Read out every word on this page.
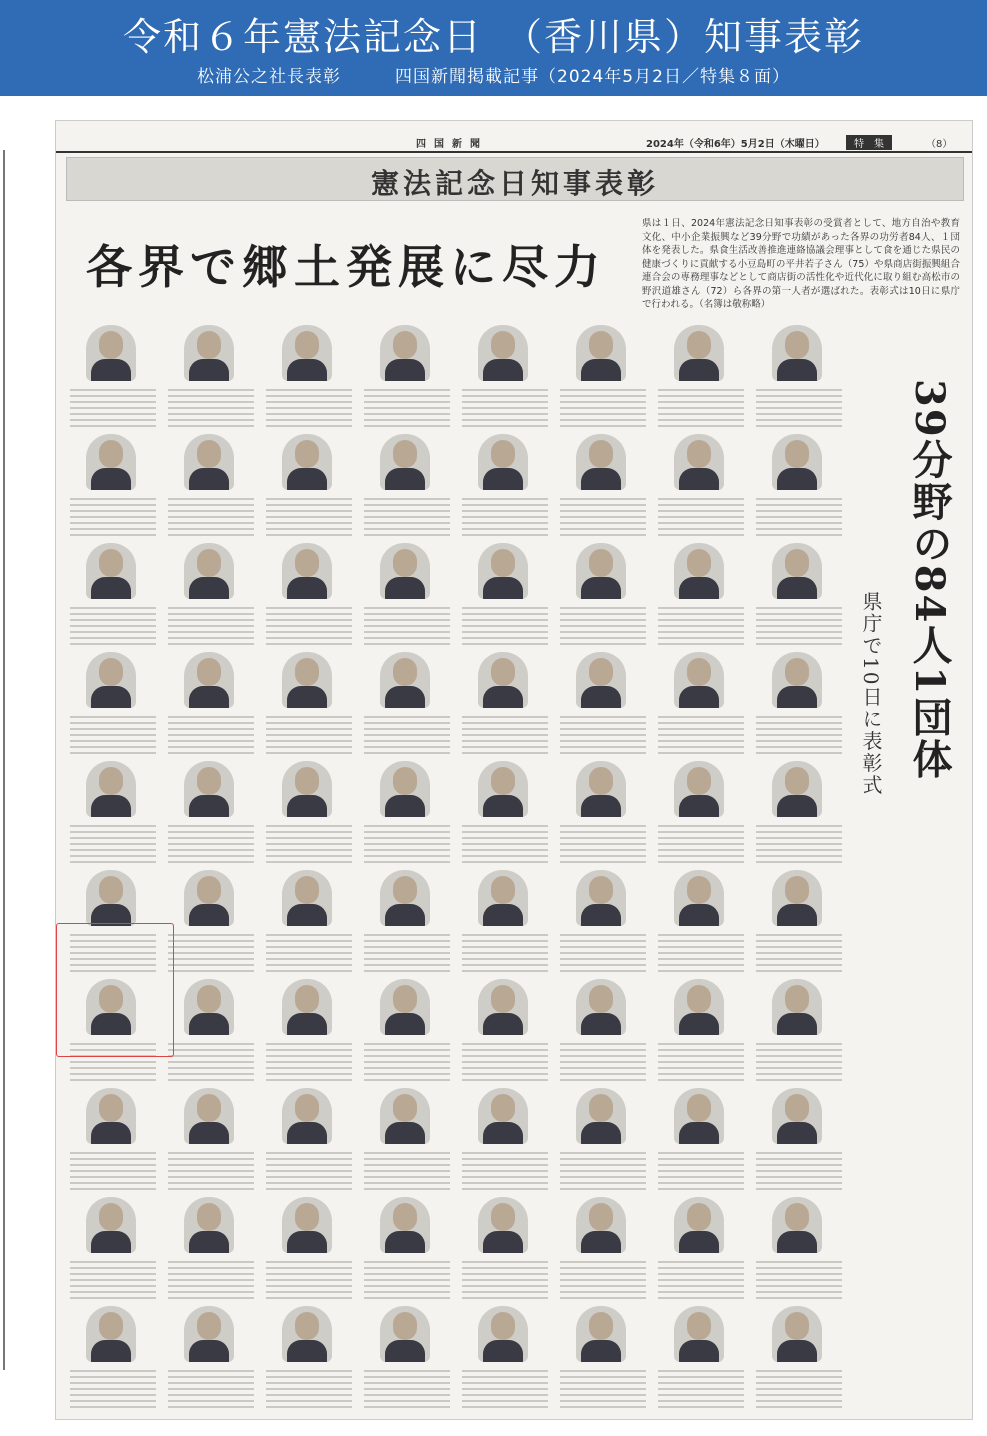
令和６年憲法記念日　（香川県）知事表彰
松浦公之社長表彰　　　四国新聞掲載記事（2024年5月2日／特集８面）
四国新聞	2024年（令和6年）5月2日（木曜日）	特　集	（8）
憲法記念日知事表彰
各界で郷土発展に尽力
県は１日、2024年憲法記念日知事表彰の受賞者として、地方自治や教育文化、中小企業振興など39分野で功績があった各界の功労者84人、１団体を発表した。県食生活改善推進連絡協議会理事として食を通じた県民の健康づくりに貢献する小豆島町の平井若子さん（75）や県商店街振興組合連合会の専務理事などとして商店街の活性化や近代化に取り組む高松市の野沢道雄さん（72）ら各界の第一人者が選ばれた。表彰式は10日に県庁で行われる。（名簿は敬称略）
39分野の84人1団体
県庁で10日に表彰式
